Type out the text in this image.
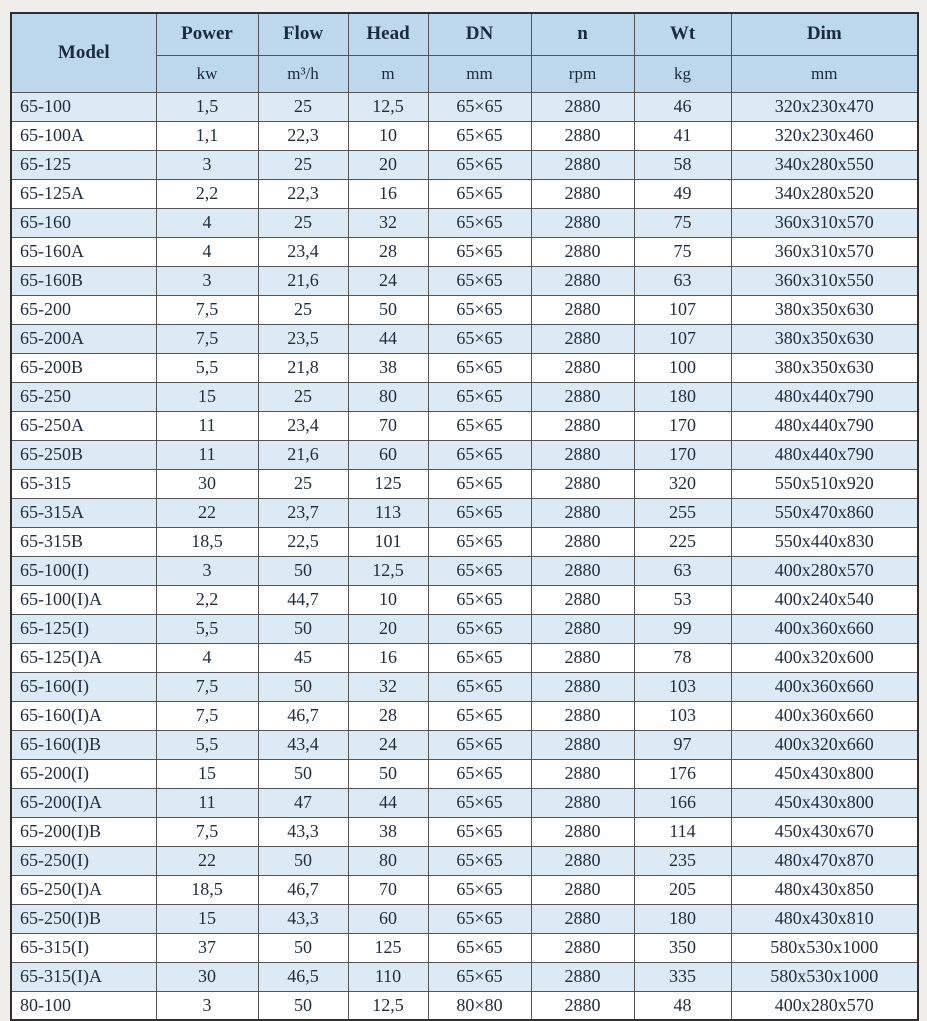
Model	Power	Flow	Head	DN	n	Wt	Dim
	kw	m³/h	m	mm	rpm	kg	mm
65-100	1,5	25	12,5	65×65	2880	46	320x230x470
65-100A	1,1	22,3	10	65×65	2880	41	320x230x460
65-125	3	25	20	65×65	2880	58	340x280x550
65-125A	2,2	22,3	16	65×65	2880	49	340x280x520
65-160	4	25	32	65×65	2880	75	360x310x570
65-160A	4	23,4	28	65×65	2880	75	360x310x570
65-160B	3	21,6	24	65×65	2880	63	360x310x550
65-200	7,5	25	50	65×65	2880	107	380x350x630
65-200A	7,5	23,5	44	65×65	2880	107	380x350x630
65-200B	5,5	21,8	38	65×65	2880	100	380x350x630
65-250	15	25	80	65×65	2880	180	480x440x790
65-250A	11	23,4	70	65×65	2880	170	480x440x790
65-250B	11	21,6	60	65×65	2880	170	480x440x790
65-315	30	25	125	65×65	2880	320	550x510x920
65-315A	22	23,7	113	65×65	2880	255	550x470x860
65-315B	18,5	22,5	101	65×65	2880	225	550x440x830
65-100(I)	3	50	12,5	65×65	2880	63	400x280x570
65-100(I)A	2,2	44,7	10	65×65	2880	53	400x240x540
65-125(I)	5,5	50	20	65×65	2880	99	400x360x660
65-125(I)A	4	45	16	65×65	2880	78	400x320x600
65-160(I)	7,5	50	32	65×65	2880	103	400x360x660
65-160(I)A	7,5	46,7	28	65×65	2880	103	400x360x660
65-160(I)B	5,5	43,4	24	65×65	2880	97	400x320x660
65-200(I)	15	50	50	65×65	2880	176	450x430x800
65-200(I)A	11	47	44	65×65	2880	166	450x430x800
65-200(I)B	7,5	43,3	38	65×65	2880	114	450x430x670
65-250(I)	22	50	80	65×65	2880	235	480x470x870
65-250(I)A	18,5	46,7	70	65×65	2880	205	480x430x850
65-250(I)B	15	43,3	60	65×65	2880	180	480x430x810
65-315(I)	37	50	125	65×65	2880	350	580x530x1000
65-315(I)A	30	46,5	110	65×65	2880	335	580x530x1000
80-100	3	50	12,5	80×80	2880	48	400x280x570
